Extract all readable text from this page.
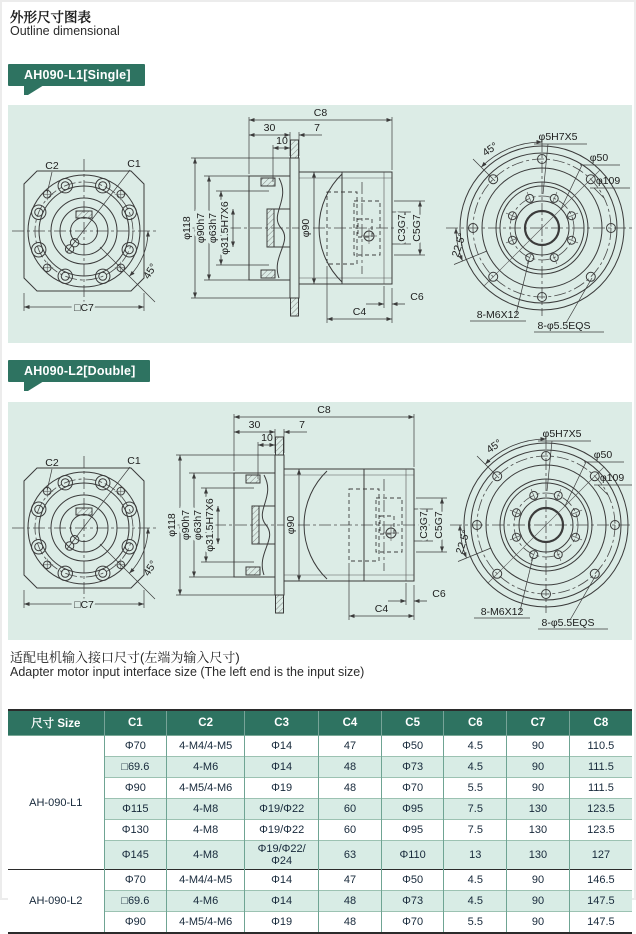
外形尺寸图表
Outline dimensional
AH090-L1[Single]
C2	C1
45°
□C7
C8
30	7
10
φ118 φ90h7 φ63h7 φ31.5H7X6	φ90	C3G7 C5G7
C4
C6
45°
22.5°
φ5H7X5
φ50
φ109
8-M6X12
8-φ5.5EQS
AH090-L2[Double]
C2	C1
45°
□C7
C8
30	7
10
φ118 φ90h7 φ63h7 φ31.5H7X6	φ90	C3G7 C5G7
C4
C6
45°
22.5°
φ5H7X5
φ50
φ109
8-M6X12
8-φ5.5EQS
适配电机输入接口尺寸(左端为输入尺寸)
Adapter motor input interface size (The left end is the input size)
尺寸 Size	C1	C2	C3	C4	C5	C6	C7	C8
AH-090-L1	Φ70	4-M4/4-M5	Φ14	47	Φ50	4.5	90	110.5
	□69.6	4-M6	Φ14	48	Φ73	4.5	90	111.5
	Φ90	4-M5/4-M6	Φ19	48	Φ70	5.5	90	111.5
	Φ115	4-M8	Φ19/Φ22	60	Φ95	7.5	130	123.5
	Φ130	4-M8	Φ19/Φ22	60	Φ95	7.5	130	123.5
	Φ145	4-M8	Φ19/Φ22/Φ24	63	Φ110	13	130	127
AH-090-L2	Φ70	4-M4/4-M5	Φ14	47	Φ50	4.5	90	146.5
	□69.6	4-M6	Φ14	48	Φ73	4.5	90	147.5
	Φ90	4-M5/4-M6	Φ19	48	Φ70	5.5	90	147.5
